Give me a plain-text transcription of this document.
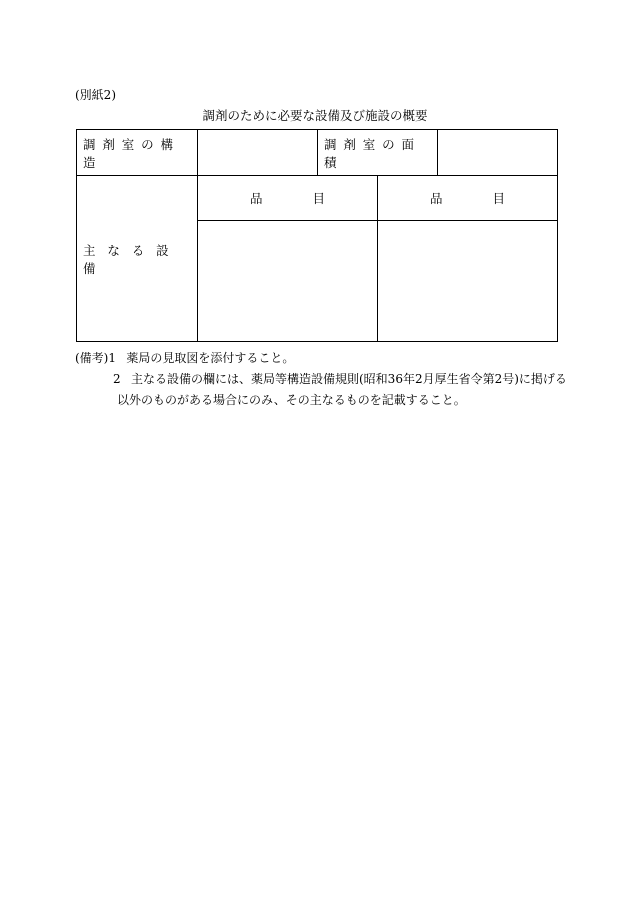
(別紙2)
調剤のために必要な設備及び施設の概要
調剤室の構造		調剤室の面積		
主なる設備	品 目		品 目	

(備考) 1 薬局の見取図を添付すること。
2 主なる設備の欄には、薬局等構造設備規則(昭和36年2月厚生省令第2号)に掲げる
以外のものがある場合にのみ、その主なるものを記載すること。
